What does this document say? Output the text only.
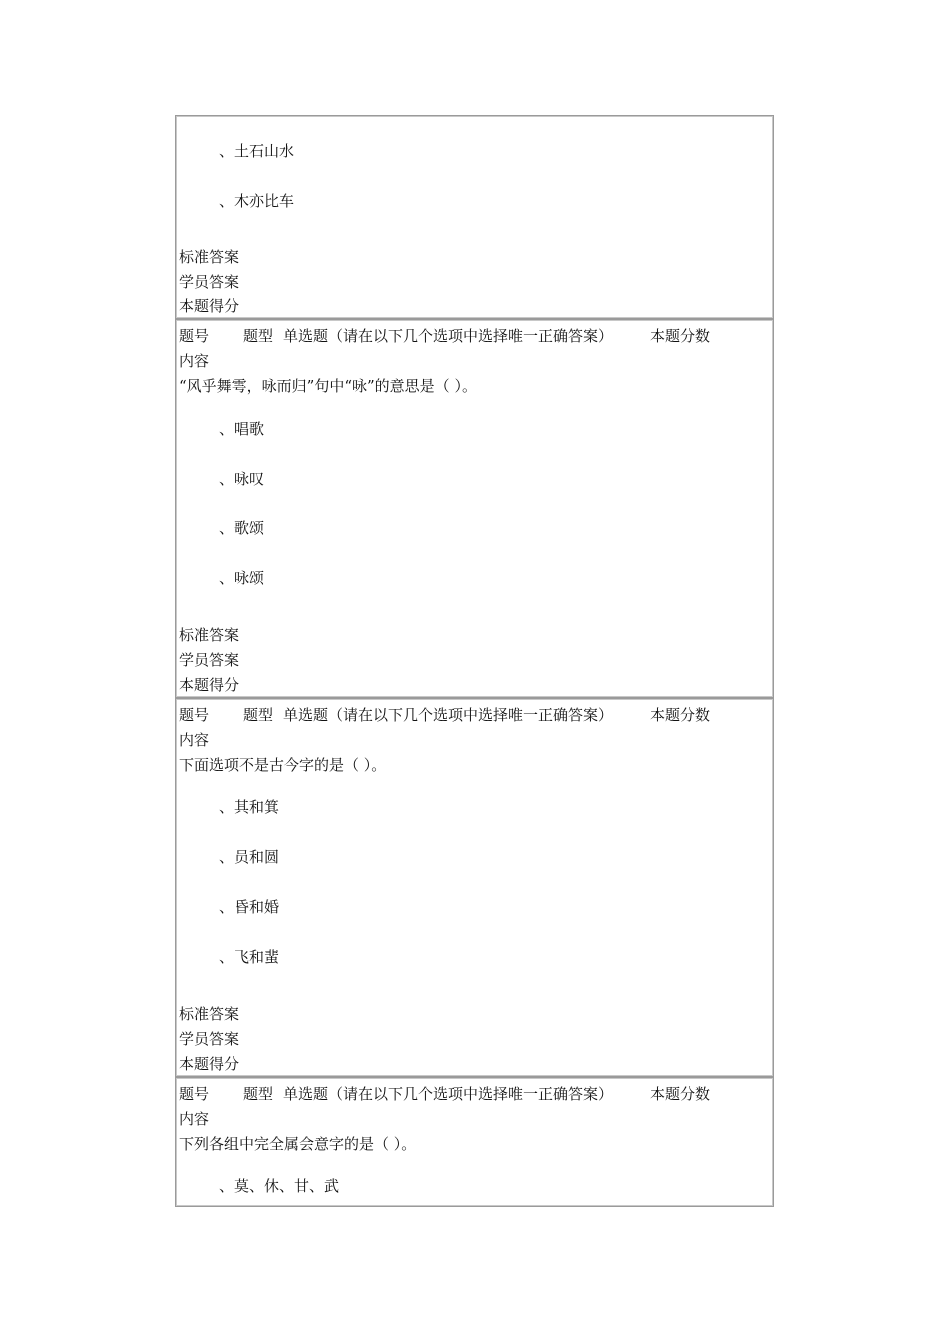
、土石山水
、木亦比车
标准答案
学员答案
本题得分
题号 题型 单选题（请在以下几个选项中选择唯一正确答案） 本题分数
内容
“风乎舞雩，咏而归”句中“咏”的意思是（ ）。
、唱歌
、咏叹
、歌颂
、咏颂
标准答案
学员答案
本题得分
题号 题型 单选题（请在以下几个选项中选择唯一正确答案） 本题分数
内容
下面选项不是古今字的是（ ）。
、其和箕
、员和圆
、昏和婚
、飞和蜚
标准答案
学员答案
本题得分
题号 题型 单选题（请在以下几个选项中选择唯一正确答案） 本题分数
内容
下列各组中完全属会意字的是（ ）。
、莫、休、甘、武
